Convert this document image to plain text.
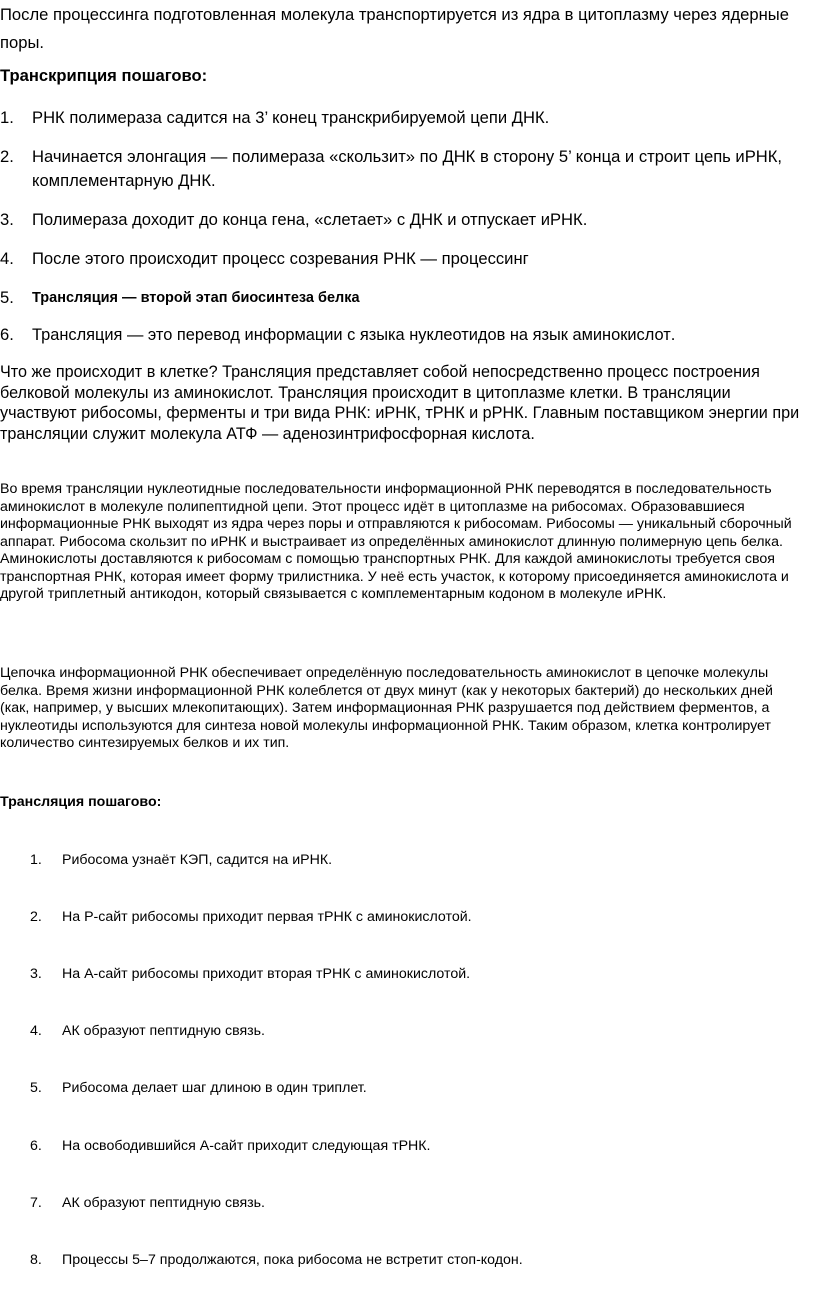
После процессинга подготовленная молекула транспортируется из ядра в цитоплазму через ядерные поры.

Транскрипция пошагово:

1. РНК полимераза садится на 3’ конец транскрибируемой цепи ДНК.
2. Начинается элонгация — полимераза «скользит» по ДНК в сторону 5’ конца и строит цепь иРНК, комплементарную ДНК.
3. Полимераза доходит до конца гена, «слетает» с ДНК и отпускает иРНК.
4. После этого происходит процесс созревания РНК — процессинг
5. Трансляция — второй этап биосинтеза белка
6. Трансляция — это перевод информации с языка нуклеотидов на язык аминокислот.

Что же происходит в клетке? Трансляция представляет собой непосредственно процесс построения белковой молекулы из аминокислот. Трансляция происходит в цитоплазме клетки. В трансляции участвуют рибосомы, ферменты и три вида РНК: иРНК, тРНК и рРНК. Главным поставщиком энергии при трансляции служит молекула АТФ — аденозинтрифосфорная кислота.

Во время трансляции нуклеотидные последовательности информационной РНК переводятся в последовательность аминокислот в молекуле полипептидной цепи. Этот процесс идёт в цитоплазме на рибосомах. Образовавшиеся информационные РНК выходят из ядра через поры и отправляются к рибосомам. Рибосомы — уникальный сборочный аппарат. Рибосома скользит по иРНК и выстраивает из определённых аминокислот длинную полимерную цепь белка. Аминокислоты доставляются к рибосомам с помощью транспортных РНК. Для каждой аминокислоты требуется своя транспортная РНК, которая имеет форму трилистника. У неё есть участок, к которому присоединяется аминокислота и другой триплетный антикодон, который связывается с комплементарным кодоном в молекуле иРНК.

Цепочка информационной РНК обеспечивает определённую последовательность аминокислот в цепочке молекулы белка. Время жизни информационной РНК колеблется от двух минут (как у некоторых бактерий) до нескольких дней (как, например, у высших млекопитающих). Затем информационная РНК разрушается под действием ферментов, а нуклеотиды используются для синтеза новой молекулы информационной РНК. Таким образом, клетка контролирует количество синтезируемых белков и их тип.

Трансляция пошагово:

1. Рибосома узнаёт КЭП, садится на иРНК.
2. На Р-сайт рибосомы приходит первая тРНК с аминокислотой.
3. На А-сайт рибосомы приходит вторая тРНК с аминокислотой.
4. АК образуют пептидную связь.
5. Рибосома делает шаг длиною в один триплет.
6. На освободившийся А-сайт приходит следующая тРНК.
7. АК образуют пептидную связь.
8. Процессы 5–7 продолжаются, пока рибосома не встретит стоп-кодон.
